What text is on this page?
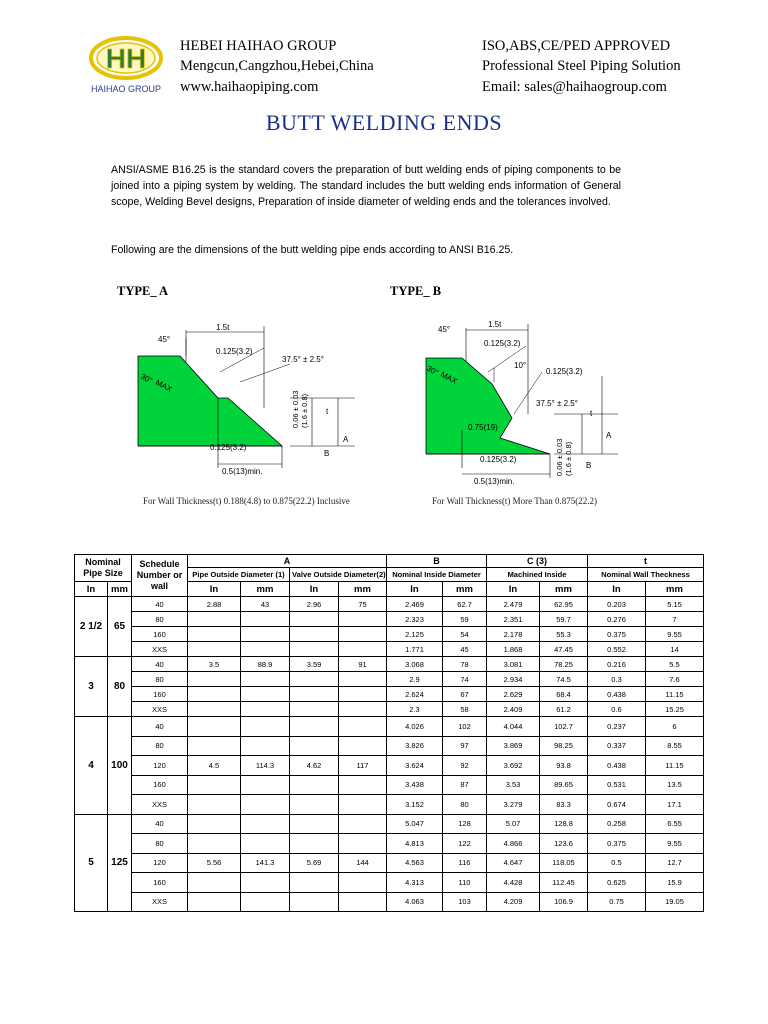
HH
HAIHAO GROUP
HEBEI HAIHAO GROUP
Mengcun,Cangzhou,Hebei,China
www.haihaopiping.com
ISO,ABS,CE/PED APPROVED
Professional Steel Piping Solution
Email: sales@haihaogroup.com
BUTT WELDING ENDS
ANSI/ASME B16.25 is the standard covers the preparation of butt welding ends of piping components to be joined into a piping system by welding. The standard includes the butt welding ends information of General scope, Welding Bevel designs, Preparation of inside diameter of welding ends and the tolerances involved.
Following are the dimensions of the butt welding pipe ends according to ANSI B16.25.
TYPE_ A	TYPE_ B
45°
1.5t
0.125(3.2)
37.5° ± 2.5°
30° MAX
0.06 ± 0.03 (1.6 ± 0.8) t
A
B
0.125(3.2)
0.5(13)min.
For Wall Thickness(t) 0.188(4.8) to 0.875(22.2) Inclusive
45°
1.5t
0.125(3.2)
10°
0.125(3.2)
37.5° ± 2.5°
30° MAX
0.75(19)
0.06 ± 0.03 (1.6 ± 0.8)
t
A
B
0.125(3.2)
0.5(13)min.
For Wall Thickness(t) More Than 0.875(22.2)
Nominal Pipe Size		Schedule Number or wall	A				B		C (3)		t	
			Pipe Outside Diameter (1)		Valve Outside Diameter(2)		Nominal Inside Diameter		Machined Inside		Nominal Wall Theckness	
In	mm		In	mm	In	mm	In	mm	In	mm	In	mm
2 1/2	65	40	2.88	43	2.96	75	2.469	62.7	2.479	62.95	0.203	5.15
		80					2.323	59	2.351	59.7	0.276	7
		160					2.125	54	2.178	55.3	0.375	9.55
		XXS					1.771	45	1.868	47.45	0.552	14
3	80	40	3.5	88.9	3.59	91	3.068	78	3.081	78.25	0.216	5.5
		80					2.9	74	2.934	74.5	0.3	7.6
		160					2.624	67	2.629	68.4	0.438	11.15
		XXS					2.3	58	2.409	61.2	0.6	15.25
4	100	40					4.026	102	4.044	102.7	0.237	6
		80					3.826	97	3.869	98.25	0.337	8.55
		120	4.5	114.3	4.62	117	3.624	92	3.692	93.8	0.438	11.15
		160					3.438	87	3.53	89.65	0.531	13.5
		XXS					3.152	80	3.279	83.3	0.674	17.1
5	125	40					5.047	128	5.07	128.8	0.258	6.55
		80					4.813	122	4.866	123.6	0.375	9.55
		120	5.56	141.3	5.69	144	4.563	116	4.647	118.05	0.5	12.7
		160					4.313	110	4.428	112.45	0.625	15.9
		XXS					4.063	103	4.209	106.9	0.75	19.05
